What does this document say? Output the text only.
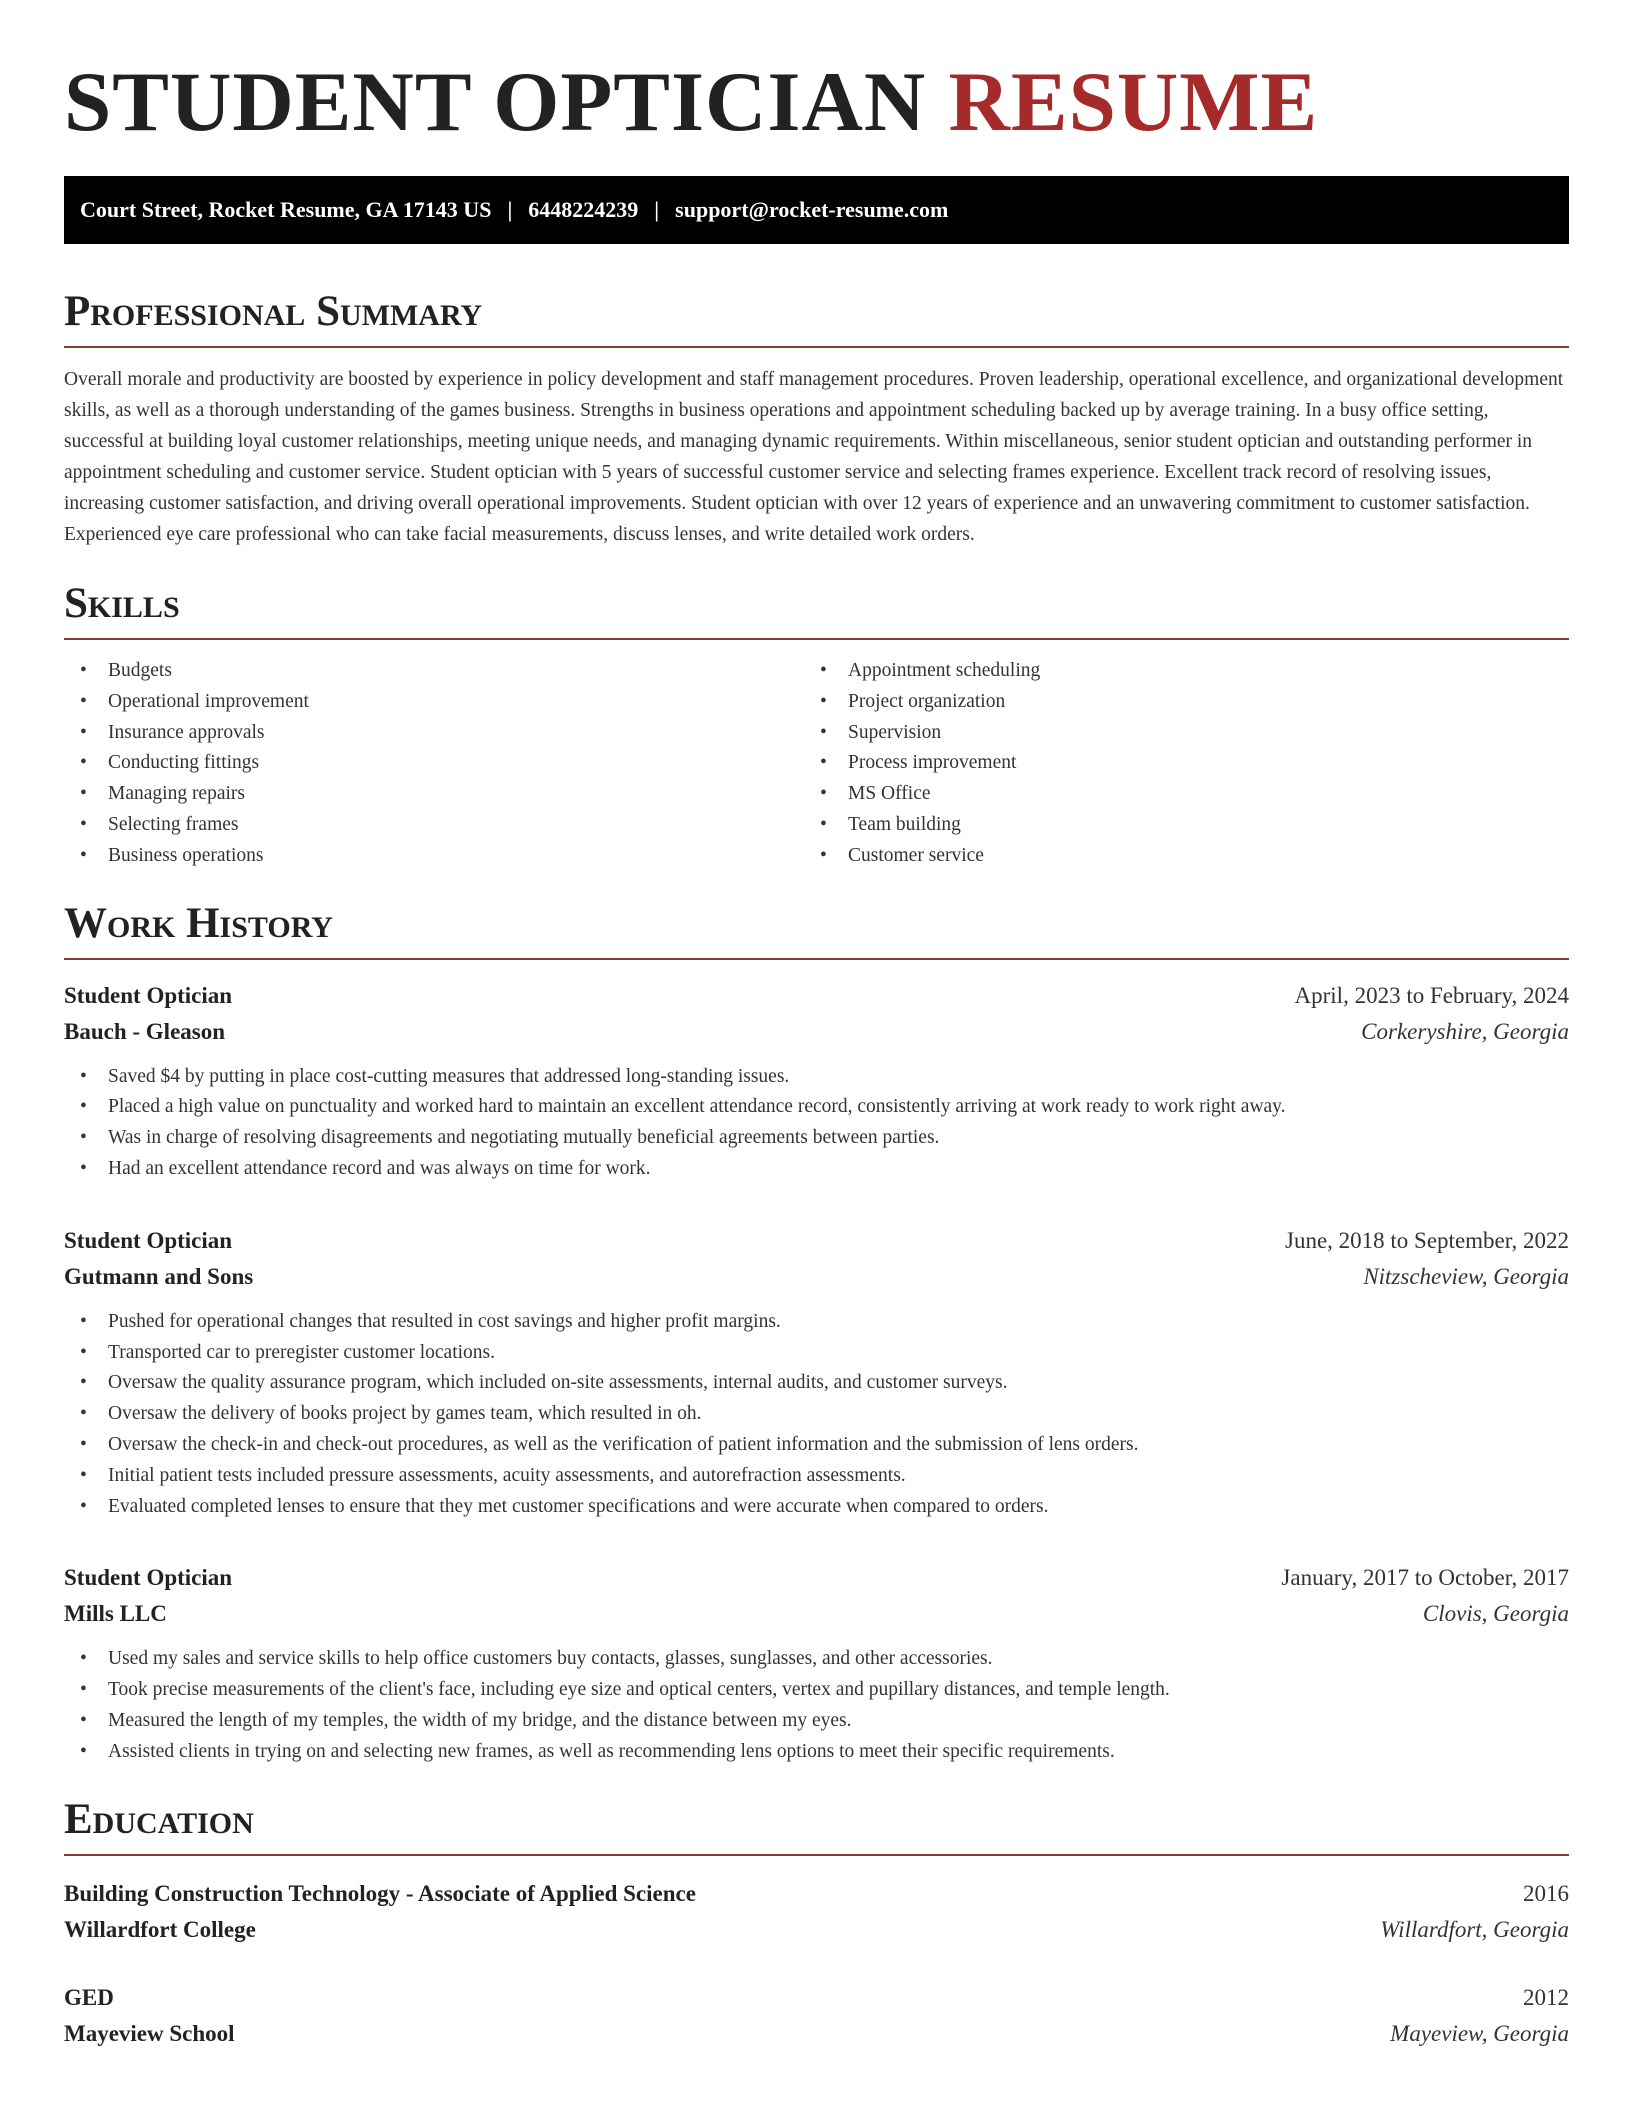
STUDENT OPTICIAN RESUME
Court Street, Rocket Resume, GA 17143 US | 6448224239 | support@rocket-resume.com
Professional Summary

Overall morale and productivity are boosted by experience in policy development and staff management procedures. Proven leadership, operational excellence, and organizational development skills, as well as a thorough understanding of the games business. Strengths in business operations and appointment scheduling backed up by average training. In a busy office setting, successful at building loyal customer relationships, meeting unique needs, and managing dynamic requirements. Within miscellaneous, senior student optician and outstanding performer in appointment scheduling and customer service. Student optician with 5 years of successful customer service and selecting frames experience. Excellent track record of resolving issues, increasing customer satisfaction, and driving overall operational improvements. Student optician with over 12 years of experience and an unwavering commitment to customer satisfaction. Experienced eye care professional who can take facial measurements, discuss lenses, and write detailed work orders.

Skills
• Budgets
• Operational improvement
• Insurance approvals
• Conducting fittings
• Managing repairs
• Selecting frames
• Business operations
• Appointment scheduling
• Project organization
• Supervision
• Process improvement
• MS Office
• Team building
• Customer service
Work History
Student Optician	April, 2023 to February, 2024
Bauch - Gleason	Corkeryshire, Georgia
• Saved $4 by putting in place cost-cutting measures that addressed long-standing issues.
• Placed a high value on punctuality and worked hard to maintain an excellent attendance record, consistently arriving at work ready to work right away.
• Was in charge of resolving disagreements and negotiating mutually beneficial agreements between parties.
• Had an excellent attendance record and was always on time for work.
Student Optician	June, 2018 to September, 2022
Gutmann and Sons	Nitzscheview, Georgia
• Pushed for operational changes that resulted in cost savings and higher profit margins.
• Transported car to preregister customer locations.
• Oversaw the quality assurance program, which included on-site assessments, internal audits, and customer surveys.
• Oversaw the delivery of books project by games team, which resulted in oh.
• Oversaw the check-in and check-out procedures, as well as the verification of patient information and the submission of lens orders.
• Initial patient tests included pressure assessments, acuity assessments, and autorefraction assessments.
• Evaluated completed lenses to ensure that they met customer specifications and were accurate when compared to orders.
Student Optician	January, 2017 to October, 2017
Mills LLC	Clovis, Georgia
• Used my sales and service skills to help office customers buy contacts, glasses, sunglasses, and other accessories.
• Took precise measurements of the client's face, including eye size and optical centers, vertex and pupillary distances, and temple length.
• Measured the length of my temples, the width of my bridge, and the distance between my eyes.
• Assisted clients in trying on and selecting new frames, as well as recommending lens options to meet their specific requirements.
Education
Building Construction Technology - Associate of Applied Science	2016
Willardfort College	Willardfort, Georgia
GED	2012
Mayeview School	Mayeview, Georgia
